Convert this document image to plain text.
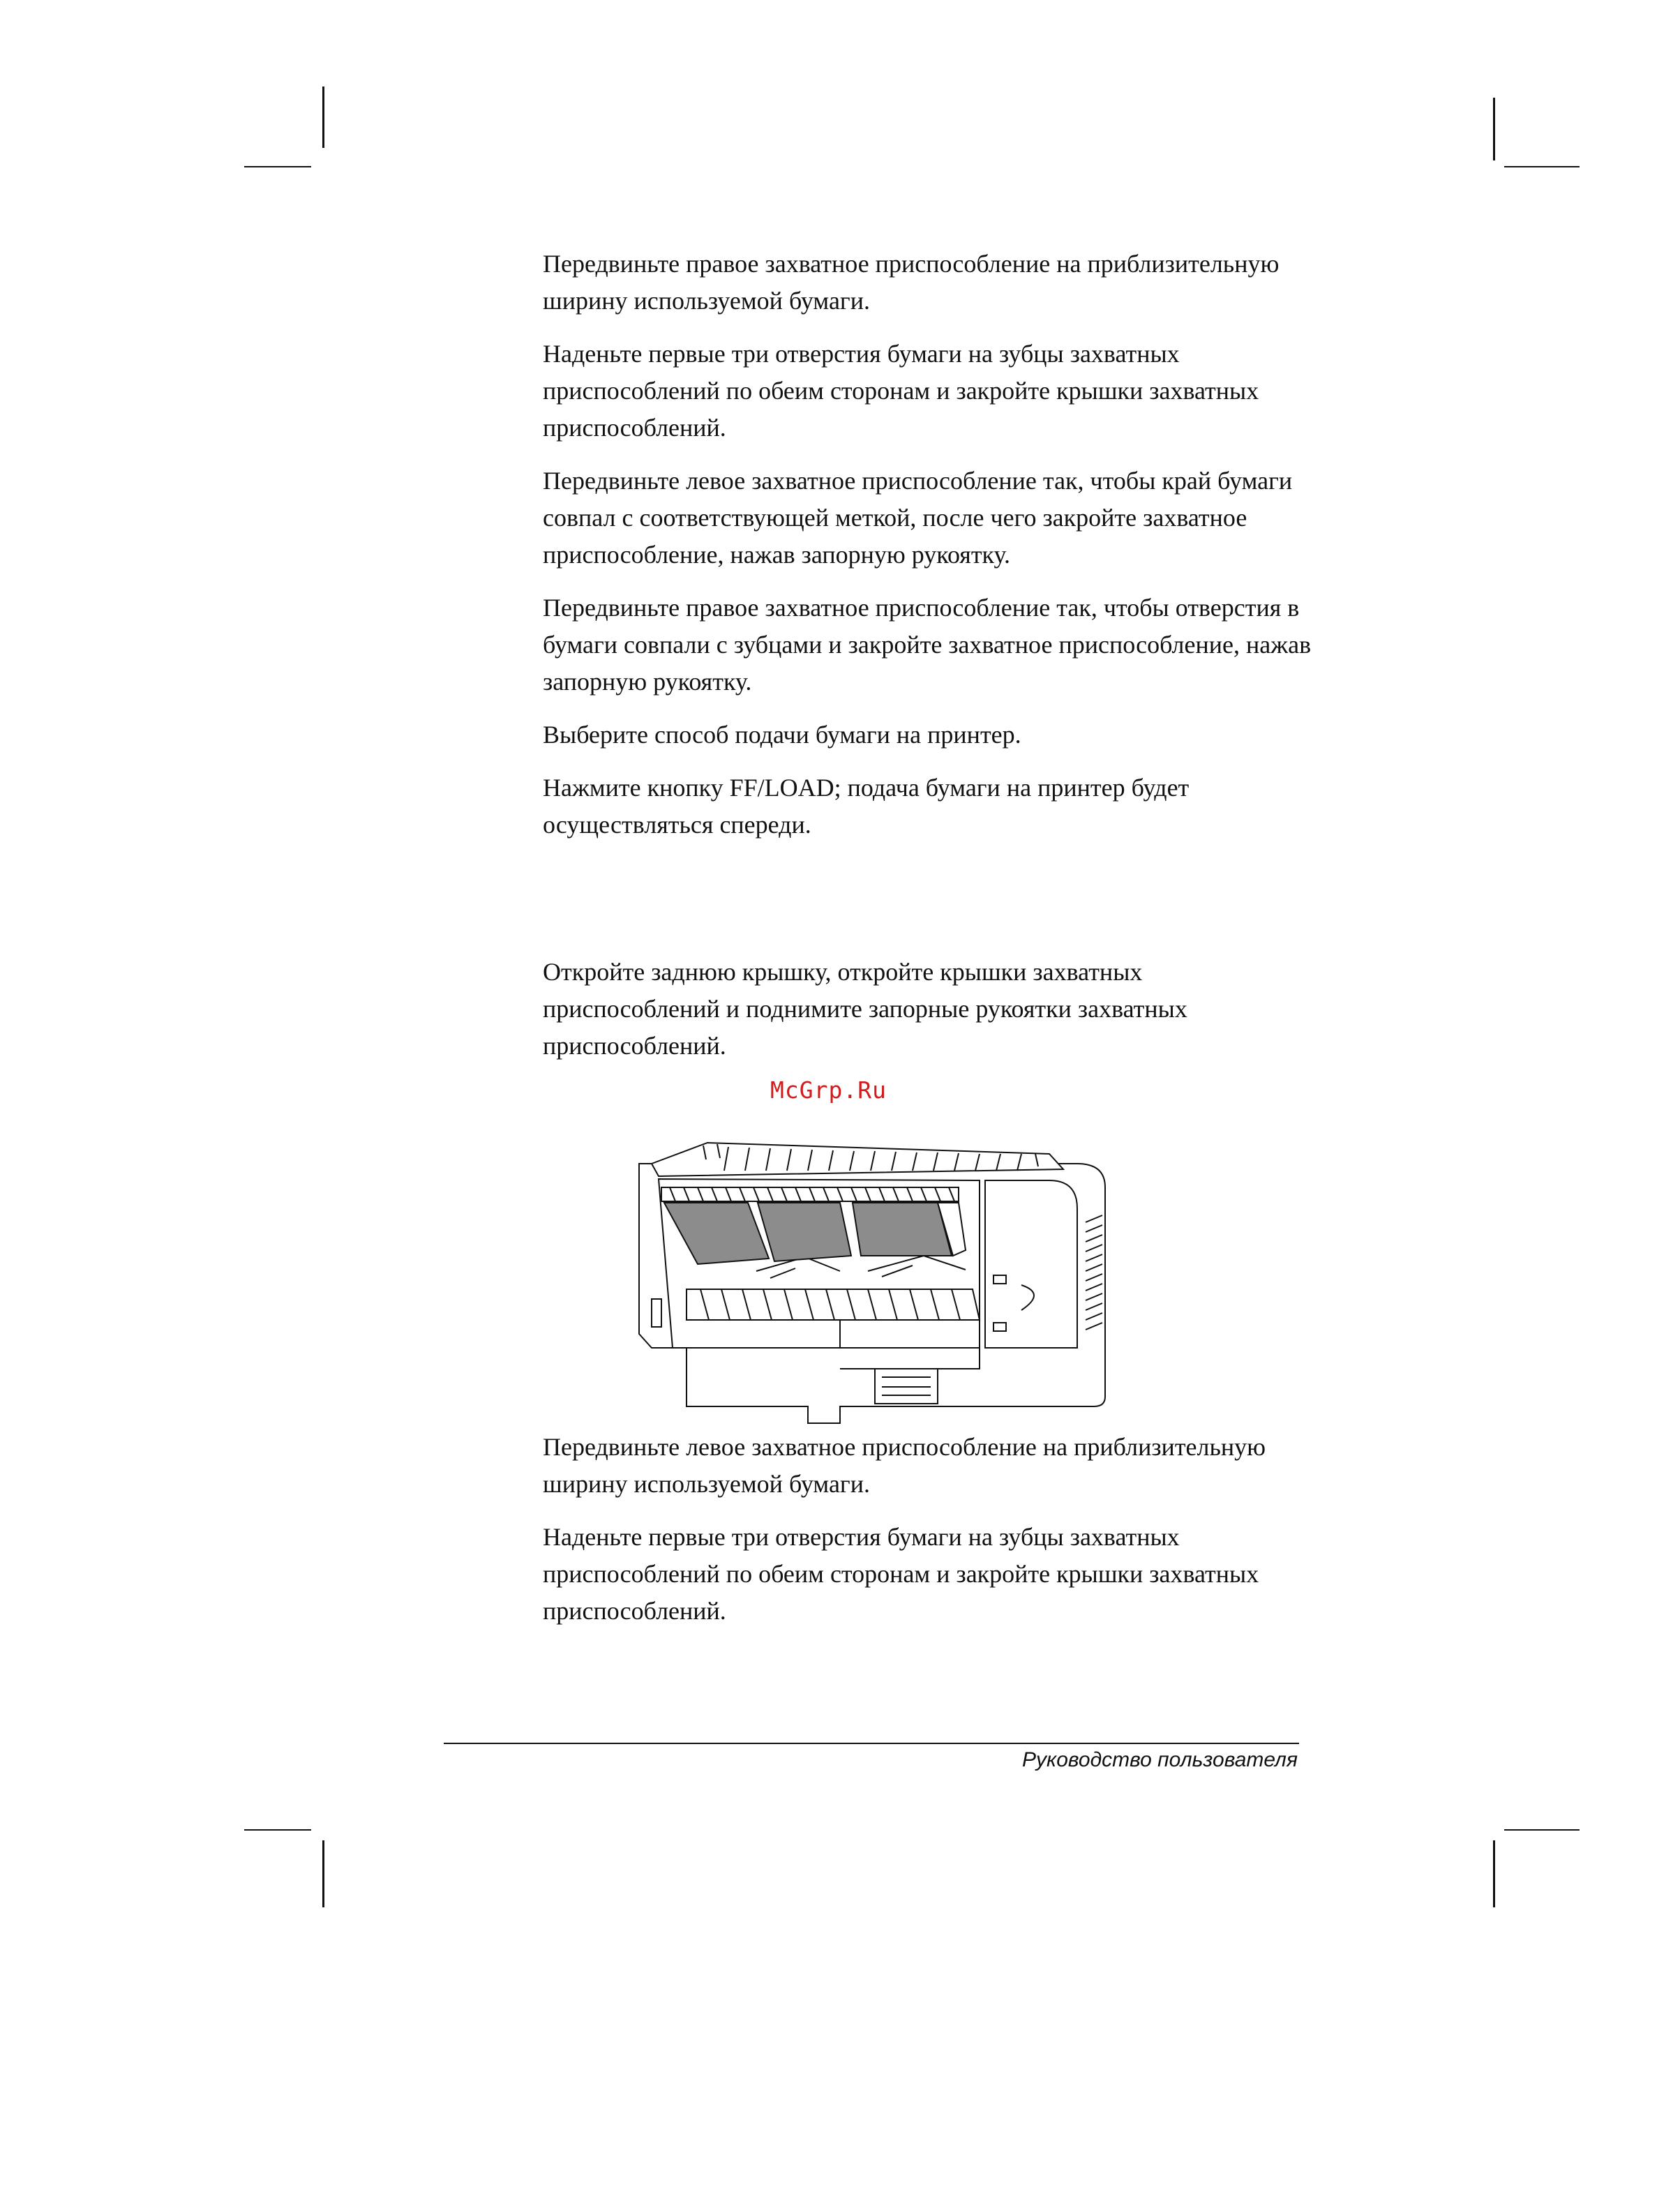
Передвиньте правое захватное приспособление на приблизительную ширину используемой бумаги.

Наденьте первые три отверстия бумаги на зубцы захватных приспособлений по обеим сторонам и закройте крышки захватных приспособлений.

Передвиньте левое захватное приспособление так, чтобы край бумаги совпал с соответствующей меткой, после чего закройте захватное приспособление, нажав запорную рукоятку.

Передвиньте правое захватное приспособление так, чтобы отверстия в бумаги совпали с зубцами и закройте захватное приспособление, нажав запорную рукоятку.

Выберите способ подачи бумаги на принтер.

Нажмите кнопку FF/LOAD; подача бумаги на принтер будет осуществляться спереди.

Откройте заднюю крышку, откройте крышки захватных приспособлений и поднимите запорные рукоятки захватных приспособлений.

McGrp.Ru

Передвиньте левое захватное приспособление на приблизительную ширину используемой бумаги.

Наденьте первые три отверстия бумаги на зубцы захватных приспособлений по обеим сторонам и закройте крышки захватных приспособлений.

Руководство пользователя
